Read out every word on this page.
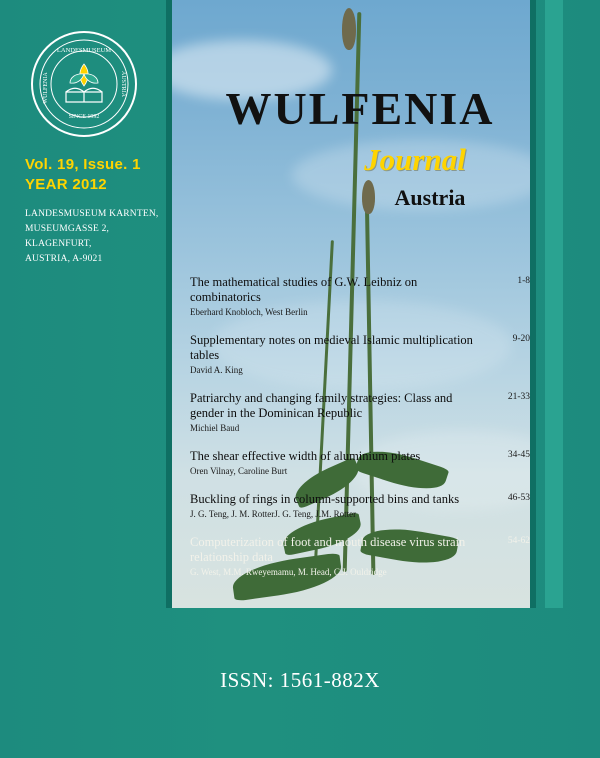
LANDESMUSEUM
SINCE 1992
WULFENIA	AUSTRIA
Vol. 19, Issue. 1
YEAR 2012
LANDESMUSEUM KARNTEN,
MUSEUMGASSE 2,
KLAGENFURT,
AUSTRIA, A-9021
WULFENIA
Journal
Austria
The mathematical studies of G.W. Leibniz on combinatorics
Eberhard Knobloch, West Berlin
1-8
Supplementary notes on medieval Islamic multiplication tables
David A. King
9-20
Patriarchy and changing family strategies: Class and gender in the Dominican Republic
Michiel Baud
21-33
The shear effective width of aluminium plates
Oren Vilnay, Caroline Burt
34-45
Buckling of rings in column-supported bins and tanks
J. G. Teng, J. M. RotterJ. G. Teng, J.M. Rotter
46-53
Computerization of foot and mouth disease virus strain relationship data
G. West, M.M. Rweyemamu, M. Head, C.J. Ouldridge
54-62
ISSN: 1561-882X
